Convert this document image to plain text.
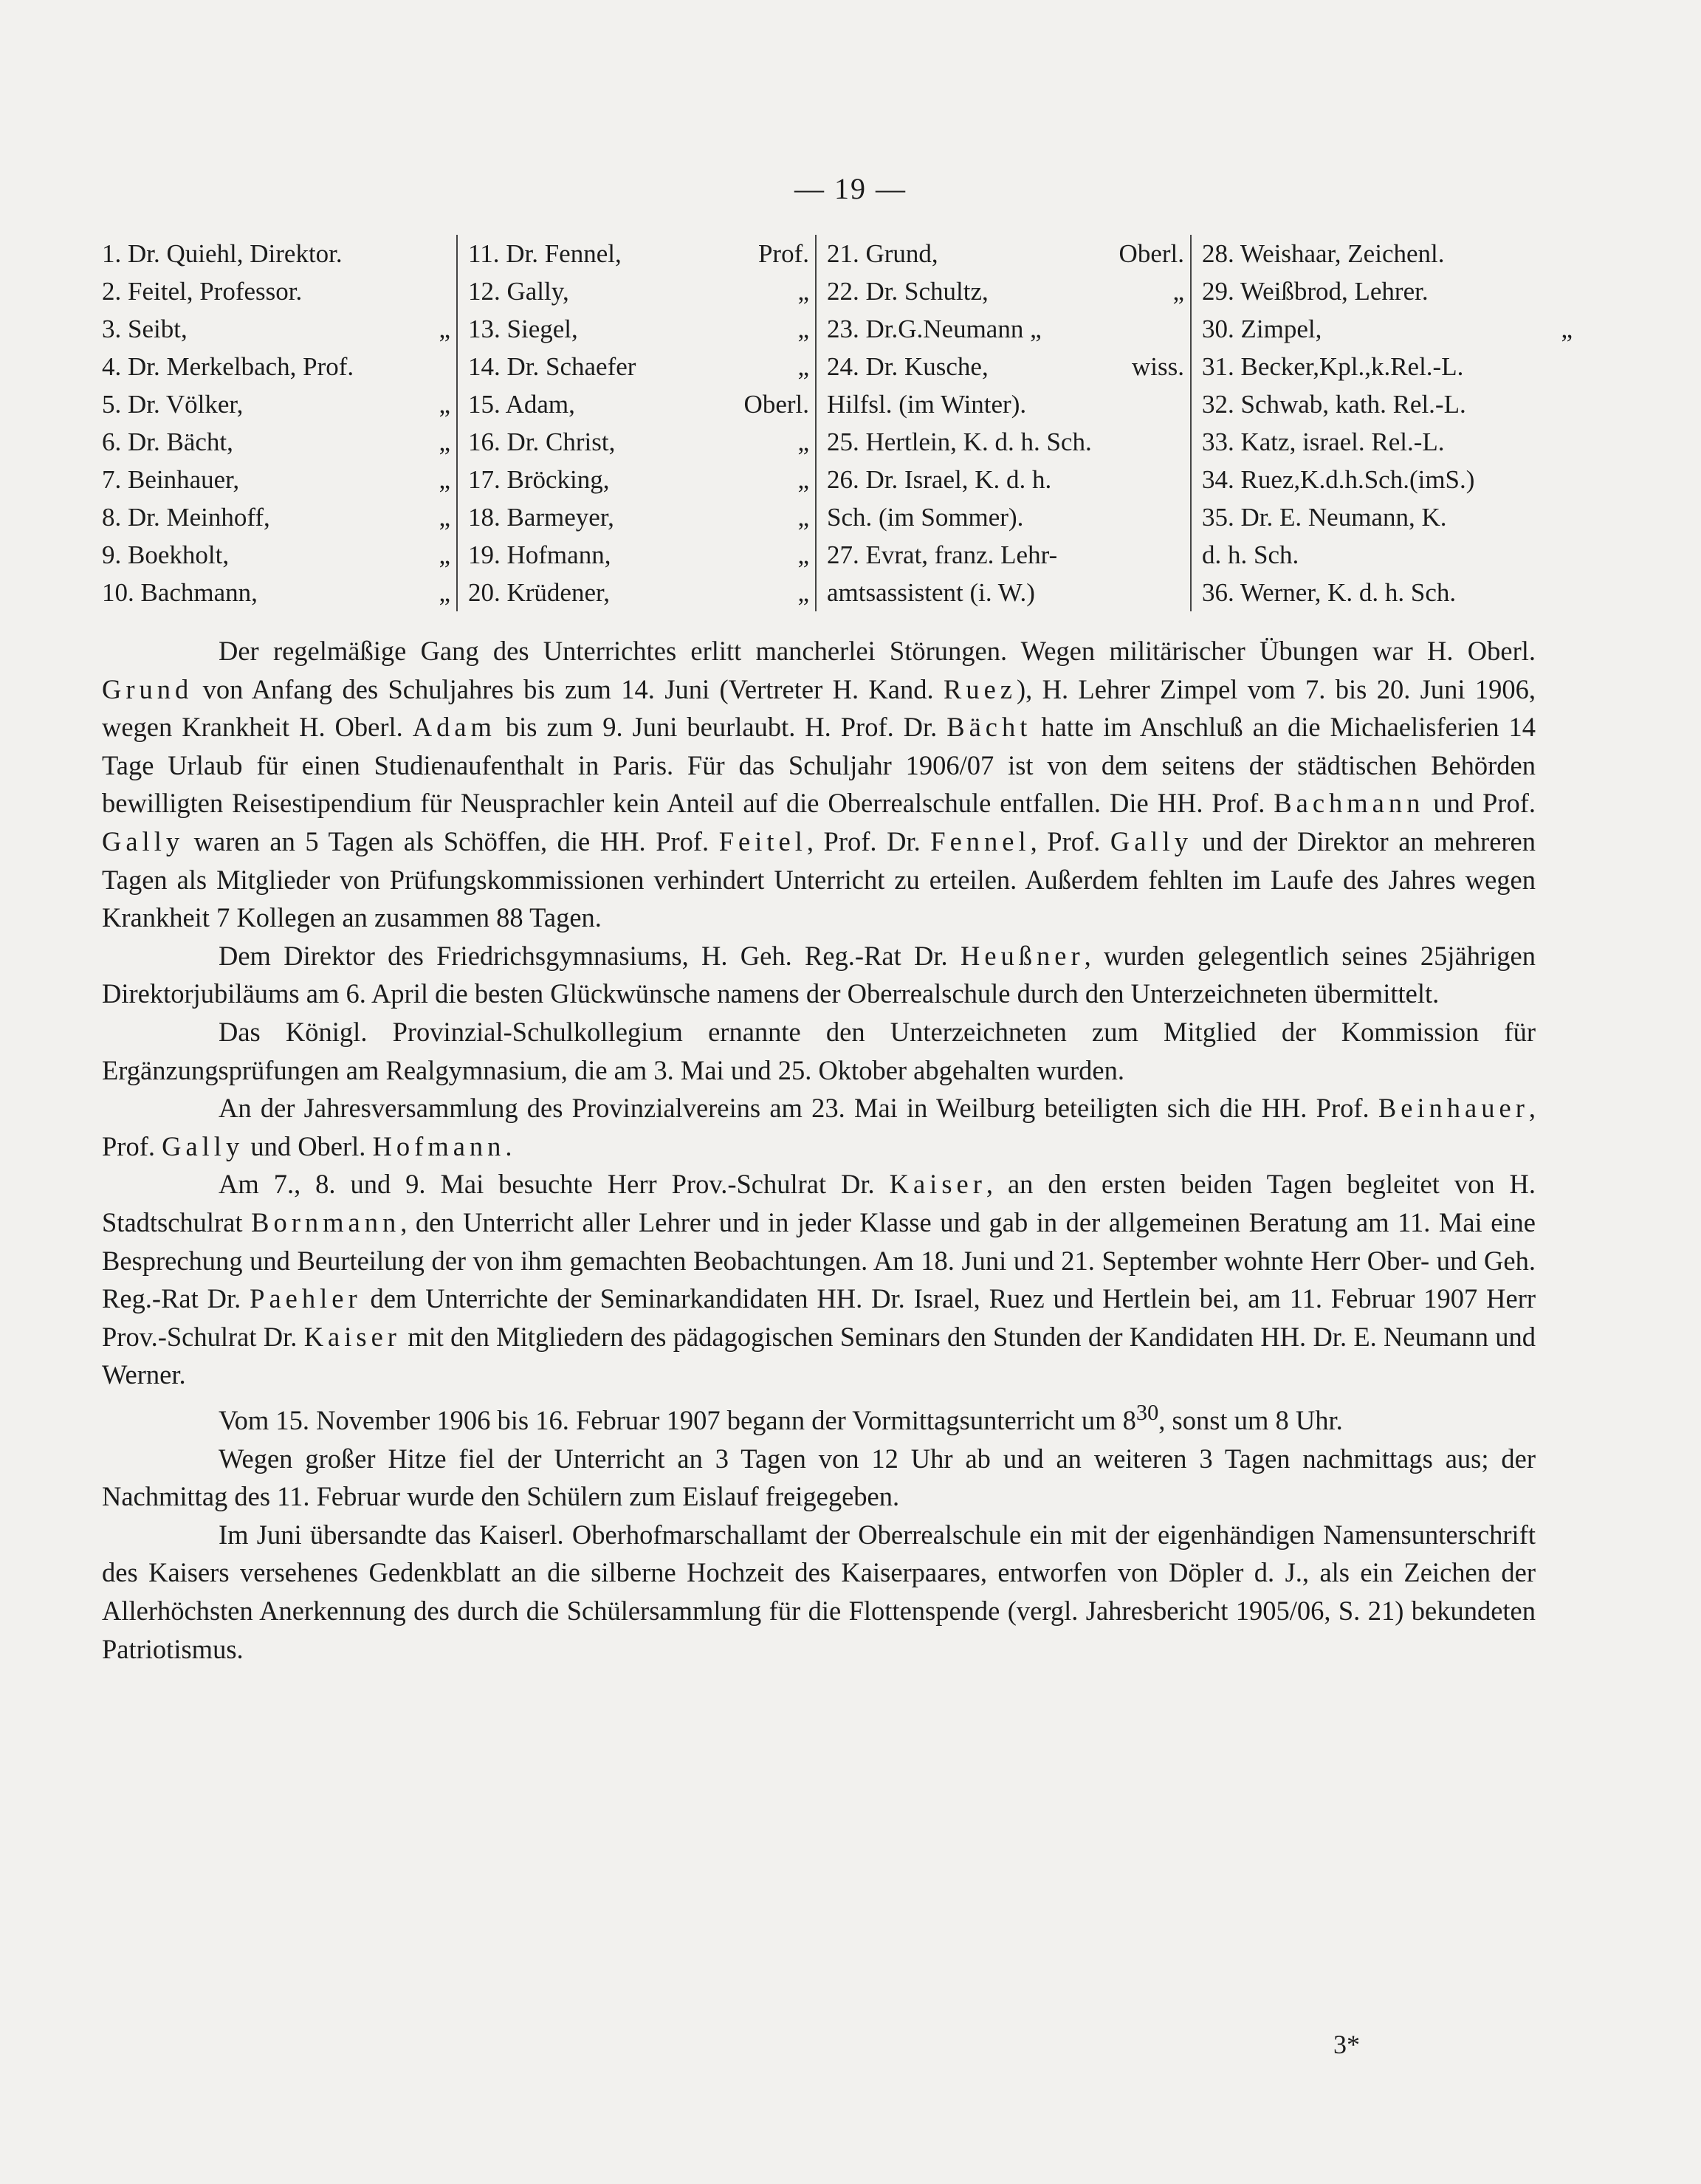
— 19 —
1. Dr. Quiehl, Direktor.
2. Feitel, Professor.
3. Seibt,	„
4. Dr. Merkelbach, Prof.
5. Dr. Völker,	„
6. Dr. Bächt,	„
7. Beinhauer,	„
8. Dr. Meinhoff,	„
9. Boekholt,	„
10. Bachmann,	„
11. Dr. Fennel,	Prof.
12. Gally,	„
13. Siegel,	„
14. Dr. Schaefer	„
15. Adam,	Oberl.
16. Dr. Christ,	„
17. Bröcking,	„
18. Barmeyer,	„
19. Hofmann,	„
20. Krüdener,	„
21. Grund,	Oberl.
22. Dr. Schultz,	„
23. Dr.G.Neumann „
24. Dr. Kusche,	wiss.
Hilfsl. (im Winter).
25. Hertlein, K. d. h. Sch.
26. Dr. Israel, K. d. h.
Sch. (im Sommer).
27. Evrat, franz. Lehr-
amtsassistent (i. W.)
28. Weishaar, Zeichenl.
29. Weißbrod, Lehrer.
30. Zimpel,	„
31. Becker,Kpl.,k.Rel.-L.
32. Schwab, kath. Rel.-L.
33. Katz, israel. Rel.-L.
34. Ruez,K.d.h.Sch.(imS.)
35. Dr. E. Neumann, K.
d. h. Sch.
36. Werner, K. d. h. Sch.

Der regelmäßige Gang des Unterrichtes erlitt mancherlei Störungen. Wegen militärischer Übungen war H. Oberl. Grund von Anfang des Schuljahres bis zum 14. Juni (Vertreter H. Kand. Ruez), H. Lehrer Zimpel vom 7. bis 20. Juni 1906, wegen Krankheit H. Oberl. Adam bis zum 9. Juni beurlaubt. H. Prof. Dr. Bächt hatte im Anschluß an die Michaelisferien 14 Tage Urlaub für einen Studienaufenthalt in Paris. Für das Schuljahr 1906/07 ist von dem seitens der städtischen Behörden bewilligten Reisestipendium für Neusprachler kein Anteil auf die Oberrealschule entfallen. Die HH. Prof. Bachmann und Prof. Gally waren an 5 Tagen als Schöffen, die HH. Prof. Feitel, Prof. Dr. Fennel, Prof. Gally und der Direktor an mehreren Tagen als Mitglieder von Prüfungskommissionen verhindert Unterricht zu erteilen. Außerdem fehlten im Laufe des Jahres wegen Krankheit 7 Kollegen an zusammen 88 Tagen.

Dem Direktor des Friedrichsgymnasiums, H. Geh. Reg.-Rat Dr. Heußner, wurden gelegentlich seines 25jährigen Direktorjubiläums am 6. April die besten Glückwünsche namens der Oberrealschule durch den Unterzeichneten übermittelt.

Das Königl. Provinzial-Schulkollegium ernannte den Unterzeichneten zum Mitglied der Kommission für Ergänzungsprüfungen am Realgymnasium, die am 3. Mai und 25. Oktober abgehalten wurden.

An der Jahresversammlung des Provinzialvereins am 23. Mai in Weilburg beteiligten sich die HH. Prof. Beinhauer, Prof. Gally und Oberl. Hofmann.

Am 7., 8. und 9. Mai besuchte Herr Prov.-Schulrat Dr. Kaiser, an den ersten beiden Tagen begleitet von H. Stadtschulrat Bornmann, den Unterricht aller Lehrer und in jeder Klasse und gab in der allgemeinen Beratung am 11. Mai eine Besprechung und Beurteilung der von ihm gemachten Beobachtungen. Am 18. Juni und 21. September wohnte Herr Ober- und Geh. Reg.-Rat Dr. Paehler dem Unterrichte der Seminarkandidaten HH. Dr. Israel, Ruez und Hertlein bei, am 11. Februar 1907 Herr Prov.-Schulrat Dr. Kaiser mit den Mitgliedern des pädagogischen Seminars den Stunden der Kandidaten HH. Dr. E. Neumann und Werner.

Vom 15. November 1906 bis 16. Februar 1907 begann der Vormittagsunterricht um $8^{30}$, sonst um 8 Uhr.

Wegen großer Hitze fiel der Unterricht an 3 Tagen von 12 Uhr ab und an weiteren 3 Tagen nachmittags aus; der Nachmittag des 11. Februar wurde den Schülern zum Eislauf freigegeben.

Im Juni übersandte das Kaiserl. Oberhofmarschallamt der Oberrealschule ein mit der eigenhändigen Namensunterschrift des Kaisers versehenes Gedenkblatt an die silberne Hochzeit des Kaiserpaares, entworfen von Döpler d. J., als ein Zeichen der Allerhöchsten Anerkennung des durch die Schülersammlung für die Flottenspende (vergl. Jahresbericht 1905/06, S. 21) bekundeten Patriotismus.

3*
